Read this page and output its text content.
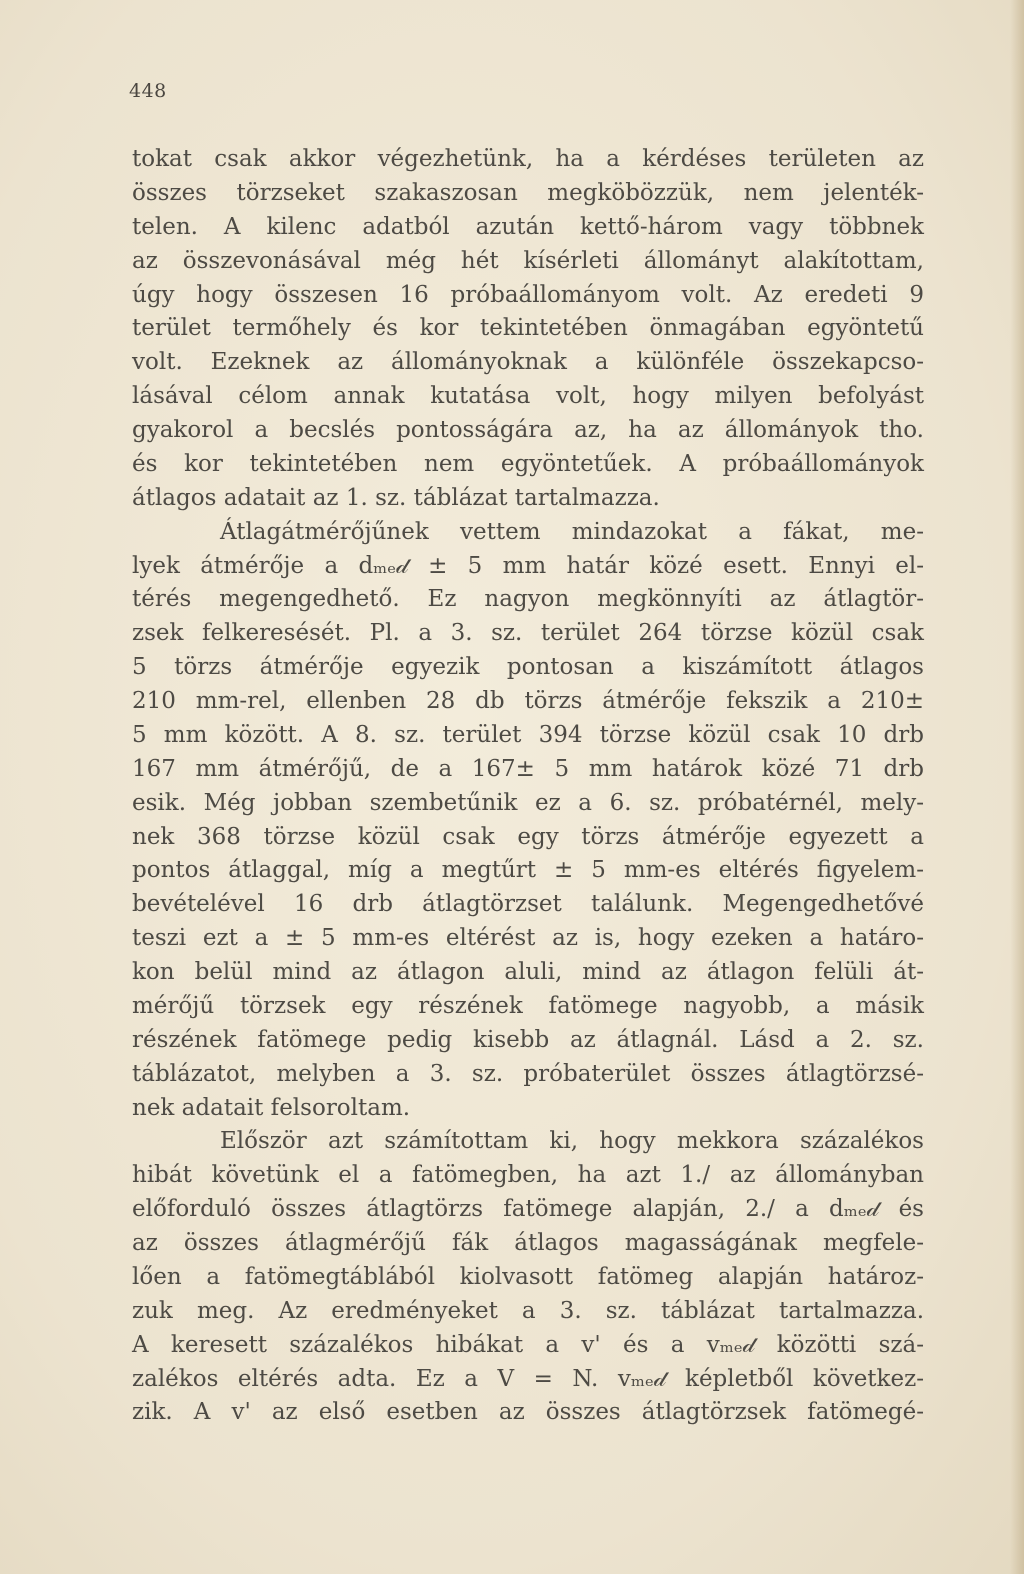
448
tokat csak akkor végezhetünk, ha a kérdéses területen az
összes törzseket szakaszosan megköbözzük, nem jelenték-
telen. A kilenc adatból azután kettő-három vagy többnek
az összevonásával még hét kísérleti állományt alakítottam,
úgy hogy összesen 16 próbaállományom volt. Az eredeti 9
terület termőhely és kor tekintetében önmagában egyöntetű
volt. Ezeknek az állományoknak a különféle összekapcso-
lásával célom annak kutatása volt, hogy milyen befolyást
gyakorol a becslés pontosságára az, ha az állományok tho.
és kor tekintetében nem egyöntetűek. A próbaállományok
átlagos adatait az 1. sz. táblázat tartalmazza.
Átlagátmérőjűnek vettem mindazokat a fákat, me-
lyek átmérője a dₘₑ𝒹 ± 5 mm határ közé esett. Ennyi el-
térés megengedhető. Ez nagyon megkönnyíti az átlagtör-
zsek felkeresését. Pl. a 3. sz. terület 264 törzse közül csak
5 törzs átmérője egyezik pontosan a kiszámított átlagos
210 mm-rel, ellenben 28 db törzs átmérője fekszik a 210±
5 mm között. A 8. sz. terület 394 törzse közül csak 10 drb
167 mm átmérőjű, de a 167± 5 mm határok közé 71 drb
esik. Még jobban szembetűnik ez a 6. sz. próbatérnél, mely-
nek 368 törzse közül csak egy törzs átmérője egyezett a
pontos átlaggal, míg a megtűrt ± 5 mm-es eltérés figyelem-
bevételével 16 drb átlagtörzset találunk. Megengedhetővé
teszi ezt a ± 5 mm-es eltérést az is, hogy ezeken a határo-
kon belül mind az átlagon aluli, mind az átlagon felüli át-
mérőjű törzsek egy részének fatömege nagyobb, a másik
részének fatömege pedig kisebb az átlagnál. Lásd a 2. sz.
táblázatot, melyben a 3. sz. próbaterület összes átlagtörzsé-
nek adatait felsoroltam.
Először azt számítottam ki, hogy mekkora százalékos
hibát követünk el a fatömegben, ha azt 1./ az állományban
előforduló összes átlagtörzs fatömege alapján, 2./ a dₘₑ𝒹 és
az összes átlagmérőjű fák átlagos magasságának megfele-
lően a fatömegtáblából kiolvasott fatömeg alapján határoz-
zuk meg. Az eredményeket a 3. sz. táblázat tartalmazza.
A keresett százalékos hibákat a v' és a vₘₑ𝒹 közötti szá-
zalékos eltérés adta. Ez a V = N. vₘₑ𝒹 képletből következ-
zik. A v' az első esetben az összes átlagtörzsek fatömegé-
